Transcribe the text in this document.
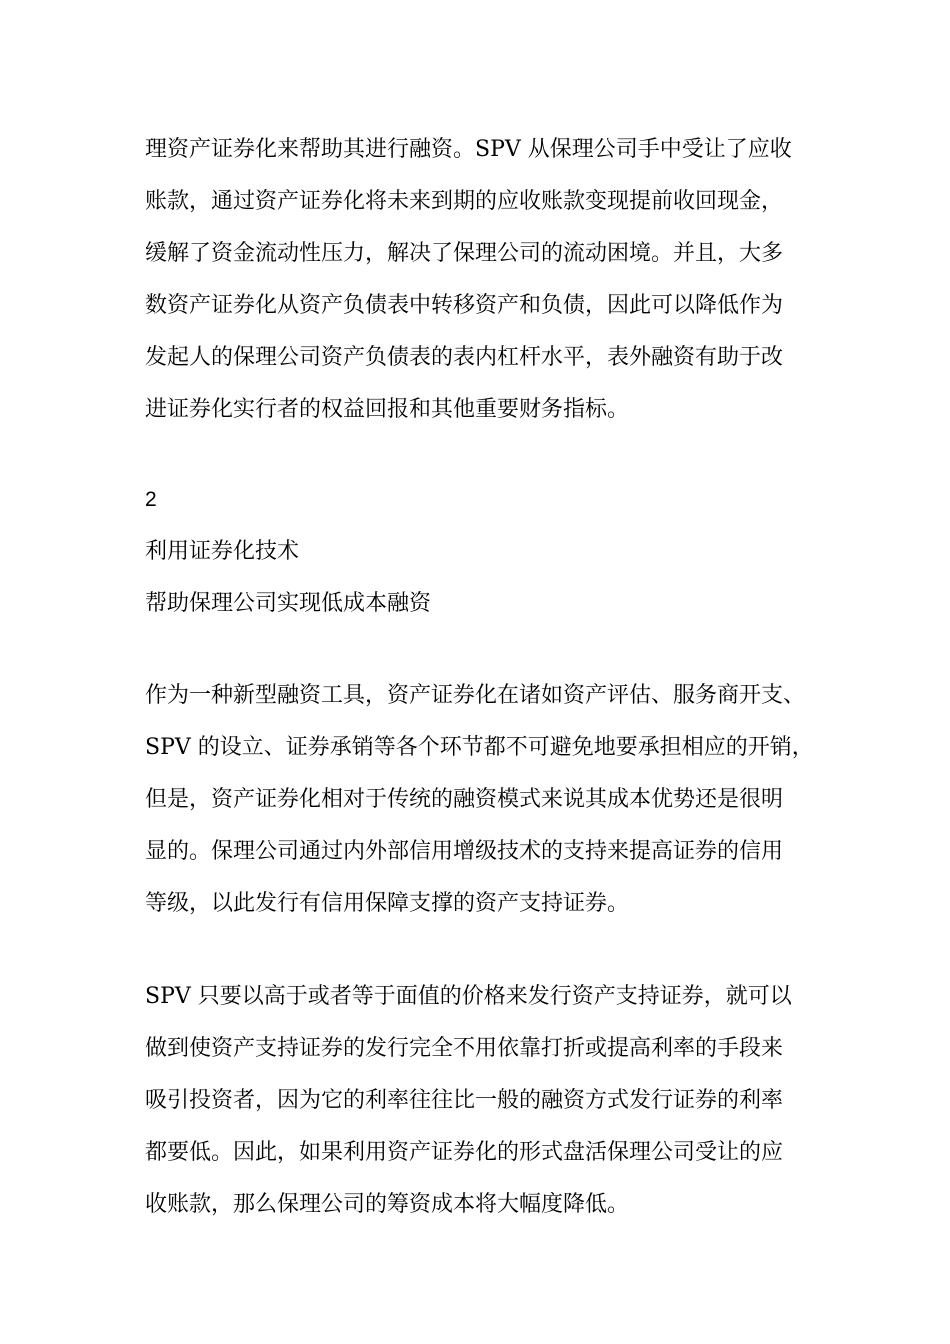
理资产证券化来帮助其进行融资。SPV 从保理公司手中受让了应收
账款，通过资产证券化将未来到期的应收账款变现提前收回现金，
缓解了资金流动性压力，解决了保理公司的流动困境。并且，大多
数资产证券化从资产负债表中转移资产和负债，因此可以降低作为
发起人的保理公司资产负债表的表内杠杆水平，表外融资有助于改
进证券化实行者的权益回报和其他重要财务指标。
2
利用证券化技术
帮助保理公司实现低成本融资
作为一种新型融资工具，资产证券化在诸如资产评估、服务商开支、
SPV 的设立、证券承销等各个环节都不可避免地要承担相应的开销，
但是，资产证券化相对于传统的融资模式来说其成本优势还是很明
显的。保理公司通过内外部信用增级技术的支持来提高证券的信用
等级，以此发行有信用保障支撑的资产支持证券。
SPV 只要以高于或者等于面值的价格来发行资产支持证券，就可以
做到使资产支持证券的发行完全不用依靠打折或提高利率的手段来
吸引投资者，因为它的利率往往比一般的融资方式发行证券的利率
都要低。因此，如果利用资产证券化的形式盘活保理公司受让的应
收账款，那么保理公司的筹资成本将大幅度降低。
